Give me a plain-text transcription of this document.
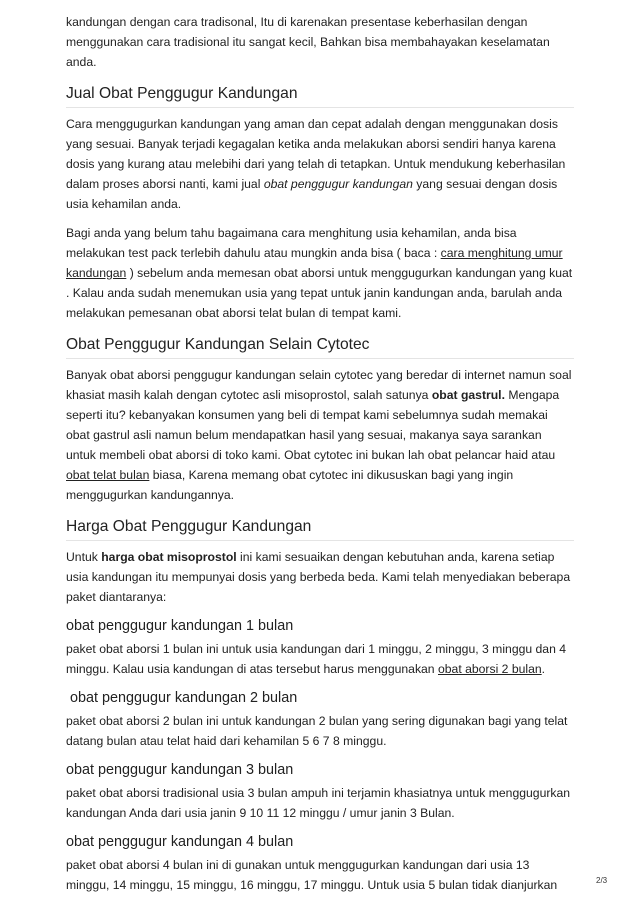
kandungan dengan cara tradisonal, Itu di karenakan presentase keberhasilan dengan
menggunakan cara tradisional itu sangat kecil, Bahkan bisa membahayakan keselamatan
anda.

Jual Obat Penggugur Kandungan

Cara menggugurkan kandungan yang aman dan cepat adalah dengan menggunakan dosis yang sesuai. Banyak terjadi kegagalan ketika anda melakukan aborsi sendiri hanya karena dosis yang kurang atau melebihi dari yang telah di tetapkan. Untuk mendukung keberhasilan dalam proses aborsi nanti, kami jual obat penggugur kandungan yang sesuai dengan dosis usia kehamilan anda.

Bagi anda yang belum tahu bagaimana cara menghitung usia kehamilan, anda bisa melakukan test pack terlebih dahulu atau mungkin anda bisa ( baca : cara menghitung umur kandungan ) sebelum anda memesan obat aborsi untuk menggugurkan kandungan yang kuat . Kalau anda sudah menemukan usia yang tepat untuk janin kandungan anda, barulah anda melakukan pemesanan obat aborsi telat bulan di tempat kami.

Obat Penggugur Kandungan Selain Cytotec

Banyak obat aborsi penggugur kandungan selain cytotec yang beredar di internet namun soal khasiat masih kalah dengan cytotec asli misoprostol, salah satunya obat gastrul. Mengapa seperti itu? kebanyakan konsumen yang beli di tempat kami sebelumnya sudah memakai obat gastrul asli namun belum mendapatkan hasil yang sesuai, makanya saya sarankan untuk membeli obat aborsi di toko kami. Obat cytotec ini bukan lah obat pelancar haid atau obat telat bulan biasa, Karena memang obat cytotec ini dikususkan bagi yang ingin menggugurkan kandungannya.

Harga Obat Penggugur Kandungan

Untuk harga obat misoprostol ini kami sesuaikan dengan kebutuhan anda, karena setiap usia kandungan itu mempunyai dosis yang berbeda beda. Kami telah menyediakan beberapa paket diantaranya:

obat penggugur kandungan 1 bulan

paket obat aborsi 1 bulan ini untuk usia kandungan dari 1 minggu, 2 minggu, 3 minggu dan 4 minggu. Kalau usia kandungan di atas tersebut harus menggunakan obat aborsi 2 bulan.

obat penggugur kandungan 2 bulan

paket obat aborsi 2 bulan ini untuk kandungan 2 bulan yang sering digunakan bagi yang telat datang bulan atau telat haid dari kehamilan 5 6 7 8 minggu.

obat penggugur kandungan 3 bulan

paket obat aborsi tradisional usia 3 bulan ampuh ini terjamin khasiatnya untuk menggugurkan kandungan Anda dari usia janin 9 10 11 12 minggu / umur janin 3 Bulan.

obat penggugur kandungan 4 bulan

paket obat aborsi 4 bulan ini di gunakan untuk menggugurkan kandungan dari usia 13 minggu, 14 minggu, 15 minggu, 16 minggu, 17 minggu. Untuk usia 5 bulan tidak dianjurkan	2/3
